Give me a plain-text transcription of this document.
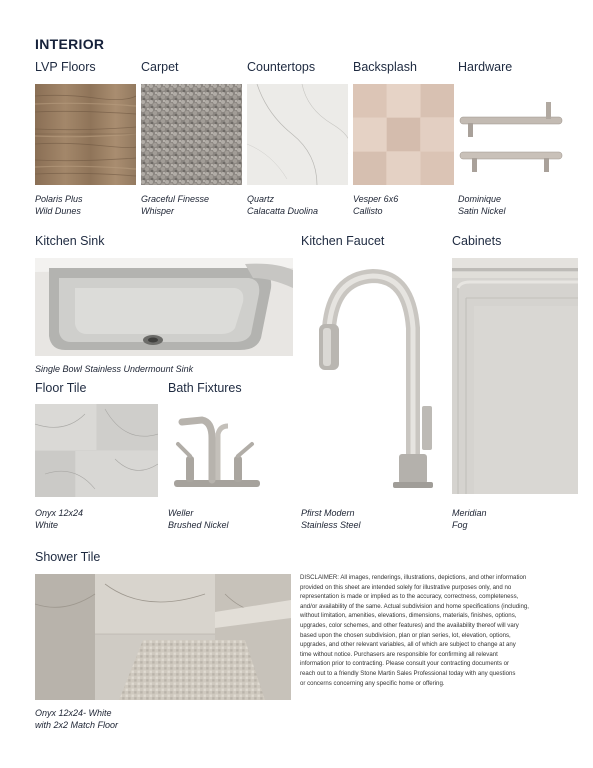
INTERIOR
LVP Floors	Carpet	Countertops	Backsplash	Hardware
Polaris Plus
Wild Dunes
Graceful Finesse
Whisper
Quartz
Calacatta Duolina
Vesper 6x6
Callisto
Dominique
Satin Nickel
Kitchen Sink	Kitchen Faucet	Cabinets
Single Bowl Stainless Undermount Sink
Pfirst Modern
Stainless Steel
Meridian
Fog
Floor Tile	Bath Fixtures
Onyx 12x24
White
Weller
Brushed Nickel
Shower Tile
Onyx 12x24- White
with 2x2 Match Floor
DISCLAIMER: All images, renderings, illustrations, depictions, and other information
provided on this sheet are intended solely for illustrative purposes only, and no
representation is made or implied as to the accuracy, correctness, completeness,
and/or availability of the same. Actual subdivision and home specifications (including,
without limitation, amenities, elevations, dimensions, materials, finishes, options,
upgrades, color schemes, and other features) and the availability thereof will vary
based upon the chosen subdivision, plan or plan series, lot, elevation, options,
upgrades, and other relevant variables, all of which are subject to change at any
time without notice. Purchasers are responsible for confirming all relevant
information prior to contracting. Please consult your contracting documents or
reach out to a friendly Stone Martin Sales Professional today with any questions
or concerns concerning any specific home or offering.
